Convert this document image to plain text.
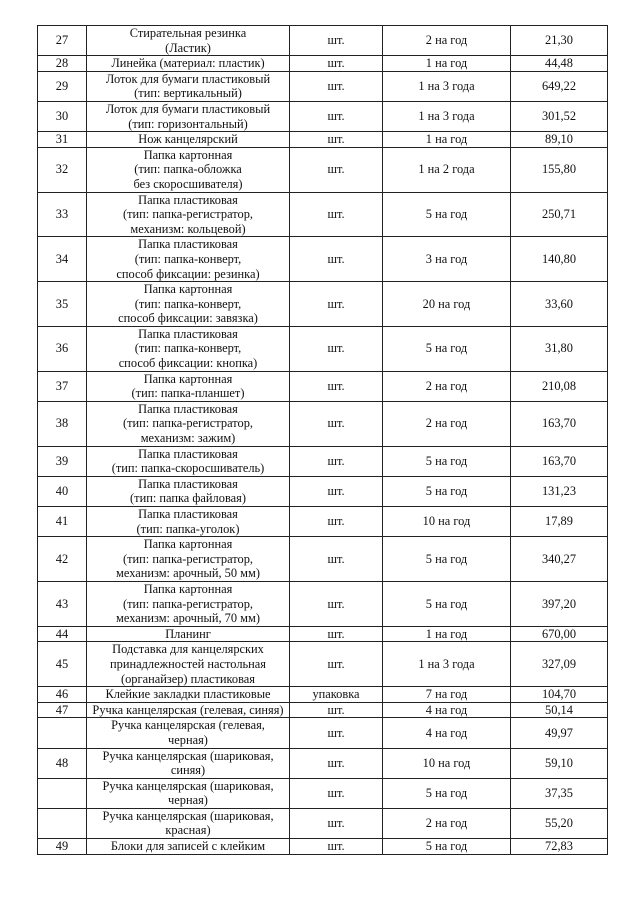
27	Стирательная резинка
(Ластик)	шт.	2 на год	21,30
28	Линейка (материал: пластик)	шт.	1 на год	44,48
29	Лоток для бумаги пластиковый
(тип: вертикальный)	шт.	1 на 3 года	649,22
30	Лоток для бумаги пластиковый
(тип: горизонтальный)	шт.	1 на 3 года	301,52
31	Нож канцелярский	шт.	1 на год	89,10
32	Папка картонная
(тип: папка-обложка
без скоросшивателя)	шт.	1 на 2 года	155,80
33	Папка пластиковая
(тип: папка-регистратор,
механизм: кольцевой)	шт.	5 на год	250,71
34	Папка пластиковая
(тип: папка-конверт,
способ фиксации: резинка)	шт.	3 на год	140,80
35	Папка картонная
(тип: папка-конверт,
способ фиксации: завязка)	шт.	20 на год	33,60
36	Папка пластиковая
(тип: папка-конверт,
способ фиксации: кнопка)	шт.	5 на год	31,80
37	Папка картонная
(тип: папка-планшет)	шт.	2 на год	210,08
38	Папка пластиковая
(тип: папка-регистратор,
механизм: зажим)	шт.	2 на год	163,70
39	Папка пластиковая
(тип: папка-скоросшиватель)	шт.	5 на год	163,70
40	Папка пластиковая
(тип: папка файловая)	шт.	5 на год	131,23
41	Папка пластиковая
(тип: папка-уголок)	шт.	10 на год	17,89
42	Папка картонная
(тип: папка-регистратор,
механизм: арочный, 50 мм)	шт.	5 на год	340,27
43	Папка картонная
(тип: папка-регистратор,
механизм: арочный, 70 мм)	шт.	5 на год	397,20
44	Планинг	шт.	1 на год	670,00
45	Подставка для канцелярских
принадлежностей настольная
(органайзер) пластиковая	шт.	1 на 3 года	327,09
46	Клейкие закладки пластиковые	упаковка	7 на год	104,70
47	Ручка канцелярская (гелевая, синяя)	шт.	4 на год	50,14

	Ручка канцелярская (гелевая,
черная)	шт.	4 на год	49,97
48	Ручка канцелярская (шариковая,
синяя)	шт.	10 на год	59,10

	Ручка канцелярская (шариковая,
черная)	шт.	5 на год	37,35

	Ручка канцелярская (шариковая,
красная)	шт.	2 на год	55,20
49	Блоки для записей с клейким	шт.	5 на год	72,83
